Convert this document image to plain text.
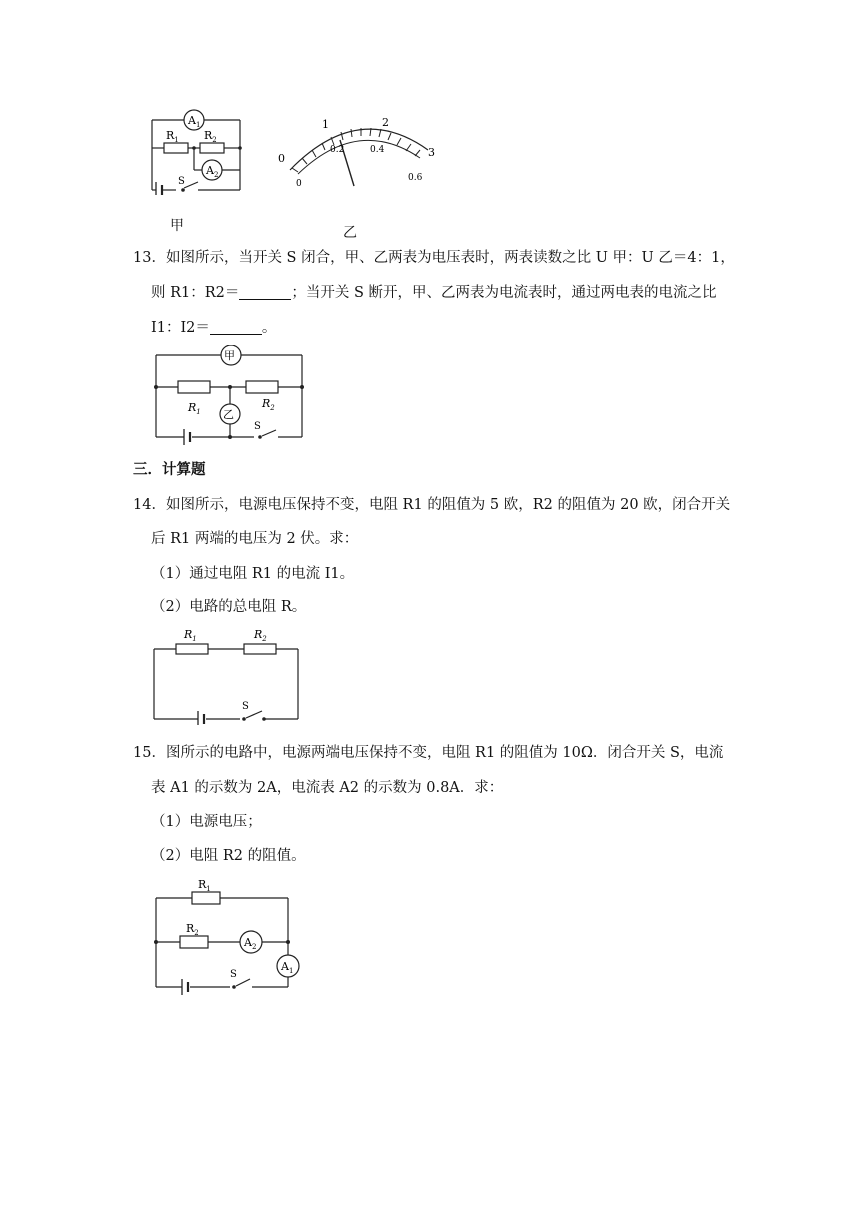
$A_1$
$A_2$
$R_1$ $R_2$
S
甲
0
1	2
3
0
0.2	0.4
0.6
乙
13．如图所示，当开关 S 闭合，甲、乙两表为电压表时，两表读数之比 U 甲：U 乙＝4：1，
则 R1：R2＝	；当开关 S 断开，甲、乙两表为电流表时，通过两电表的电流之比
I1：I2＝	。
甲
乙
$R_1$
$R_2$
S
三．计算题
14．如图所示，电源电压保持不变，电阻 R1 的阻值为 5 欧，R2 的阻值为 20 欧，闭合开关
后 R1 两端的电压为 2 伏。求：
（1）通过电阻 R1 的电流 I1。
（2）电路的总电阻 R。
$R_1$	$R_2$
S
15．图所示的电路中，电源两端电压保持不变，电阻 R1 的阻值为 10Ω．闭合开关 S，电流
表 A1 的示数为 2A，电流表 A2 的示数为 0.8A．求：
（1）电源电压；
（2）电阻 R2 的阻值。
$A_2$
$A_1$
$R_1$
$R_2$
S
